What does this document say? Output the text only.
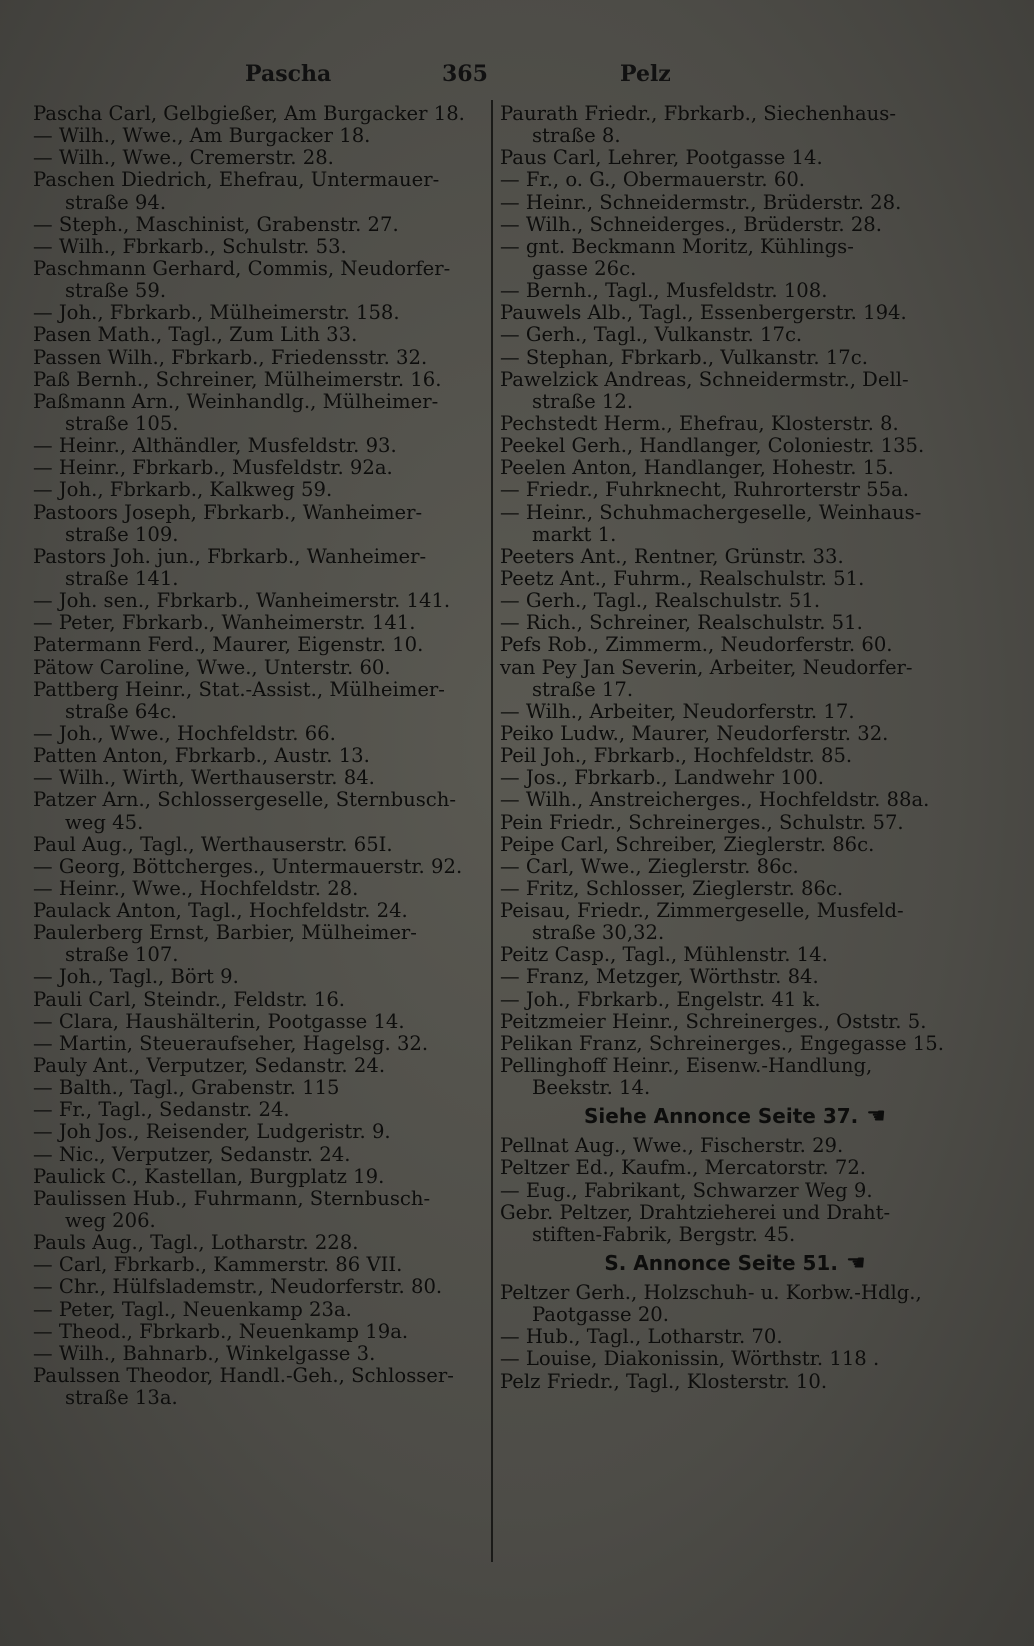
Pascha	365	Pelz
Pascha Carl, Gelbgießer, Am Burgacker 18.
— Wilh., Wwe., Am Burgacker 18.
— Wilh., Wwe., Cremerstr. 28.
Paschen Diedrich, Ehefrau, Untermauer-
straße 94.
— Steph., Maschinist, Grabenstr. 27.
— Wilh., Fbrkarb., Schulstr. 53.
Paschmann Gerhard, Commis, Neudorfer-
straße 59.
— Joh., Fbrkarb., Mülheimerstr. 158.
Pasen Math., Tagl., Zum Lith 33.
Passen Wilh., Fbrkarb., Friedensstr. 32.
Paß Bernh., Schreiner, Mülheimerstr. 16.
Paßmann Arn., Weinhandlg., Mülheimer-
straße 105.
— Heinr., Althändler, Musfeldstr. 93.
— Heinr., Fbrkarb., Musfeldstr. 92a.
— Joh., Fbrkarb., Kalkweg 59.
Pastoors Joseph, Fbrkarb., Wanheimer-
straße 109.
Pastors Joh. jun., Fbrkarb., Wanheimer-
straße 141.
— Joh. sen., Fbrkarb., Wanheimerstr. 141.
— Peter, Fbrkarb., Wanheimerstr. 141.
Patermann Ferd., Maurer, Eigenstr. 10.
Pätow Caroline, Wwe., Unterstr. 60.
Pattberg Heinr., Stat.-Assist., Mülheimer-
straße 64c.
— Joh., Wwe., Hochfeldstr. 66.
Patten Anton, Fbrkarb., Austr. 13.
— Wilh., Wirth, Werthauserstr. 84.
Patzer Arn., Schlossergeselle, Sternbusch-
weg 45.
Paul Aug., Tagl., Werthauserstr. 65I.
— Georg, Böttcherges., Untermauerstr. 92.
— Heinr., Wwe., Hochfeldstr. 28.
Paulack Anton, Tagl., Hochfeldstr. 24.
Paulerberg Ernst, Barbier, Mülheimer-
straße 107.
— Joh., Tagl., Bört 9.
Pauli Carl, Steindr., Feldstr. 16.
— Clara, Haushälterin, Pootgasse 14.
— Martin, Steueraufseher, Hagelsg. 32.
Pauly Ant., Verputzer, Sedanstr. 24.
— Balth., Tagl., Grabenstr. 115
— Fr., Tagl., Sedanstr. 24.
— Joh Jos., Reisender, Ludgeristr. 9.
— Nic., Verputzer, Sedanstr. 24.
Paulick C., Kastellan, Burgplatz 19.
Paulissen Hub., Fuhrmann, Sternbusch-
weg 206.
Pauls Aug., Tagl., Lotharstr. 228.
— Carl, Fbrkarb., Kammerstr. 86 VII.
— Chr., Hülfslademstr., Neudorferstr. 80.
— Peter, Tagl., Neuenkamp 23a.
— Theod., Fbrkarb., Neuenkamp 19a.
— Wilh., Bahnarb., Winkelgasse 3.
Paulssen Theodor, Handl.-Geh., Schlosser-
straße 13a.
Paurath Friedr., Fbrkarb., Siechenhaus-
straße 8.
Paus Carl, Lehrer, Pootgasse 14.
— Fr., o. G., Obermauerstr. 60.
— Heinr., Schneidermstr., Brüderstr. 28.
— Wilh., Schneiderges., Brüderstr. 28.
— gnt. Beckmann Moritz, Kühlings-
gasse 26c.
— Bernh., Tagl., Musfeldstr. 108.
Pauwels Alb., Tagl., Essenbergerstr. 194.
— Gerh., Tagl., Vulkanstr. 17c.
— Stephan, Fbrkarb., Vulkanstr. 17c.
Pawelzick Andreas, Schneidermstr., Dell-
straße 12.
Pechstedt Herm., Ehefrau, Klosterstr. 8.
Peekel Gerh., Handlanger, Coloniestr. 135.
Peelen Anton, Handlanger, Hohestr. 15.
— Friedr., Fuhrknecht, Ruhrorterstr 55a.
— Heinr., Schuhmachergeselle, Weinhaus-
markt 1.
Peeters Ant., Rentner, Grünstr. 33.
Peetz Ant., Fuhrm., Realschulstr. 51.
— Gerh., Tagl., Realschulstr. 51.
— Rich., Schreiner, Realschulstr. 51.
Pefs Rob., Zimmerm., Neudorferstr. 60.
van Pey Jan Severin, Arbeiter, Neudorfer-
straße 17.
— Wilh., Arbeiter, Neudorferstr. 17.
Peiko Ludw., Maurer, Neudorferstr. 32.
Peil Joh., Fbrkarb., Hochfeldstr. 85.
— Jos., Fbrkarb., Landwehr 100.
— Wilh., Anstreicherges., Hochfeldstr. 88a.
Pein Friedr., Schreinerges., Schulstr. 57.
Peipe Carl, Schreiber, Zieglerstr. 86c.
— Carl, Wwe., Zieglerstr. 86c.
— Fritz, Schlosser, Zieglerstr. 86c.
Peisau, Friedr., Zimmergeselle, Musfeld-
straße 30,32.
Peitz Casp., Tagl., Mühlenstr. 14.
— Franz, Metzger, Wörthstr. 84.
— Joh., Fbrkarb., Engelstr. 41 k.
Peitzmeier Heinr., Schreinerges., Oststr. 5.
Pelikan Franz, Schreinerges., Engegasse 15.
Pellinghoff Heinr., Eisenw.-Handlung,
Beekstr. 14.
Siehe Annonce Seite 37. ☚
Pellnat Aug., Wwe., Fischerstr. 29.
Peltzer Ed., Kaufm., Mercatorstr. 72.
— Eug., Fabrikant, Schwarzer Weg 9.
Gebr. Peltzer, Drahtzieherei und Draht-
stiften-Fabrik, Bergstr. 45.
S. Annonce Seite 51. ☚
Peltzer Gerh., Holzschuh- u. Korbw.-Hdlg.,
Paotgasse 20.
— Hub., Tagl., Lotharstr. 70.
— Louise, Diakonissin, Wörthstr. 118 .
Pelz Friedr., Tagl., Klosterstr. 10.
